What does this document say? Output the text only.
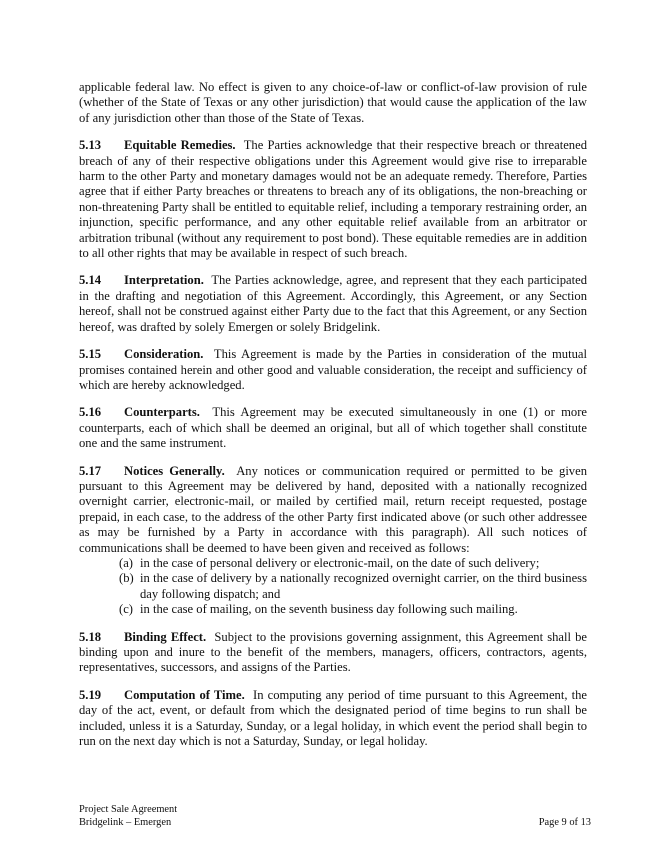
applicable federal law. No effect is given to any choice-of-law or conflict-of-law provision of rule (whether of the State of Texas or any other jurisdiction) that would cause the application of the law of any jurisdiction other than those of the State of Texas.

5.13 Equitable Remedies. The Parties acknowledge that their respective breach or threatened breach of any of their respective obligations under this Agreement would give rise to irreparable harm to the other Party and monetary damages would not be an adequate remedy. Therefore, Parties agree that if either Party breaches or threatens to breach any of its obligations, the non-breaching or non-threatening Party shall be entitled to equitable relief, including a temporary restraining order, an injunction, specific performance, and any other equitable relief available from an arbitrator or arbitration tribunal (without any requirement to post bond). These equitable remedies are in addition to all other rights that may be available in respect of such breach.

5.14 Interpretation. The Parties acknowledge, agree, and represent that they each participated in the drafting and negotiation of this Agreement. Accordingly, this Agreement, or any Section hereof, shall not be construed against either Party due to the fact that this Agreement, or any Section hereof, was drafted by solely Emergen or solely Bridgelink.

5.15 Consideration. This Agreement is made by the Parties in consideration of the mutual promises contained herein and other good and valuable consideration, the receipt and sufficiency of which are hereby acknowledged.

5.16 Counterparts. This Agreement may be executed simultaneously in one (1) or more counterparts, each of which shall be deemed an original, but all of which together shall constitute one and the same instrument.

5.17 Notices Generally. Any notices or communication required or permitted to be given pursuant to this Agreement may be delivered by hand, deposited with a nationally recognized overnight carrier, electronic-mail, or mailed by certified mail, return receipt requested, postage prepaid, in each case, to the address of the other Party first indicated above (or such other addressee as may be furnished by a Party in accordance with this paragraph). All such notices of communications shall be deemed to have been given and received as follows:

(a) in the case of personal delivery or electronic-mail, on the date of such delivery;
(b) in the case of delivery by a nationally recognized overnight carrier, on the third business day following dispatch; and
(c) in the case of mailing, on the seventh business day following such mailing.

5.18 Binding Effect. Subject to the provisions governing assignment, this Agreement shall be binding upon and inure to the benefit of the members, managers, officers, contractors, agents, representatives, successors, and assigns of the Parties.

5.19 Computation of Time. In computing any period of time pursuant to this Agreement, the day of the act, event, or default from which the designated period of time begins to run shall be included, unless it is a Saturday, Sunday, or a legal holiday, in which event the period shall begin to run on the next day which is not a Saturday, Sunday, or legal holiday.

Project Sale Agreement
Bridgelink – Emergen	Page 9 of 13
